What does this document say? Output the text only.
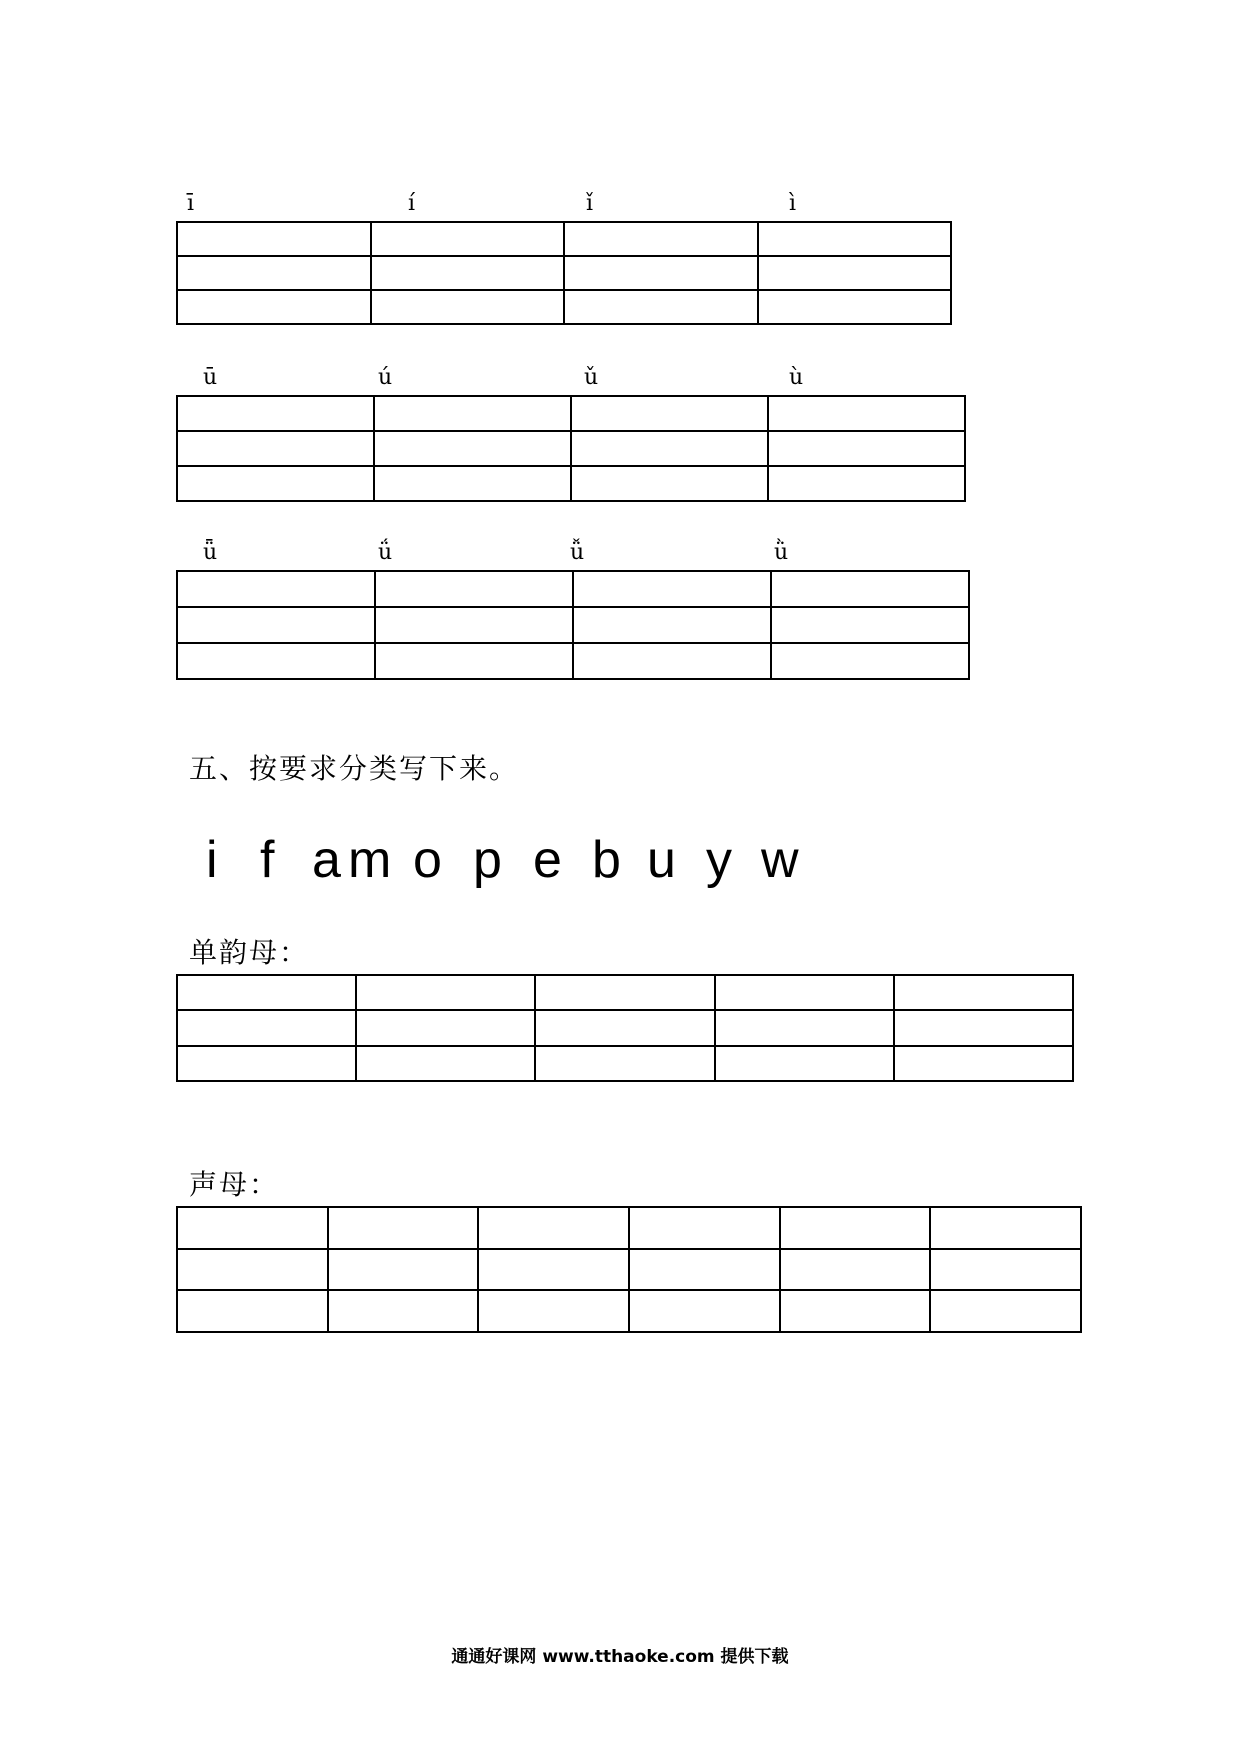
ī	í	ǐ	ì

ū	ú	ǔ	ù

ǖ	ǘ	ǚ	ǜ

五、按要求分类写下来。
i f a m o p e b u y w
单韵母：

声母：

通通好课网 www.tthaoke.com 提供下载
